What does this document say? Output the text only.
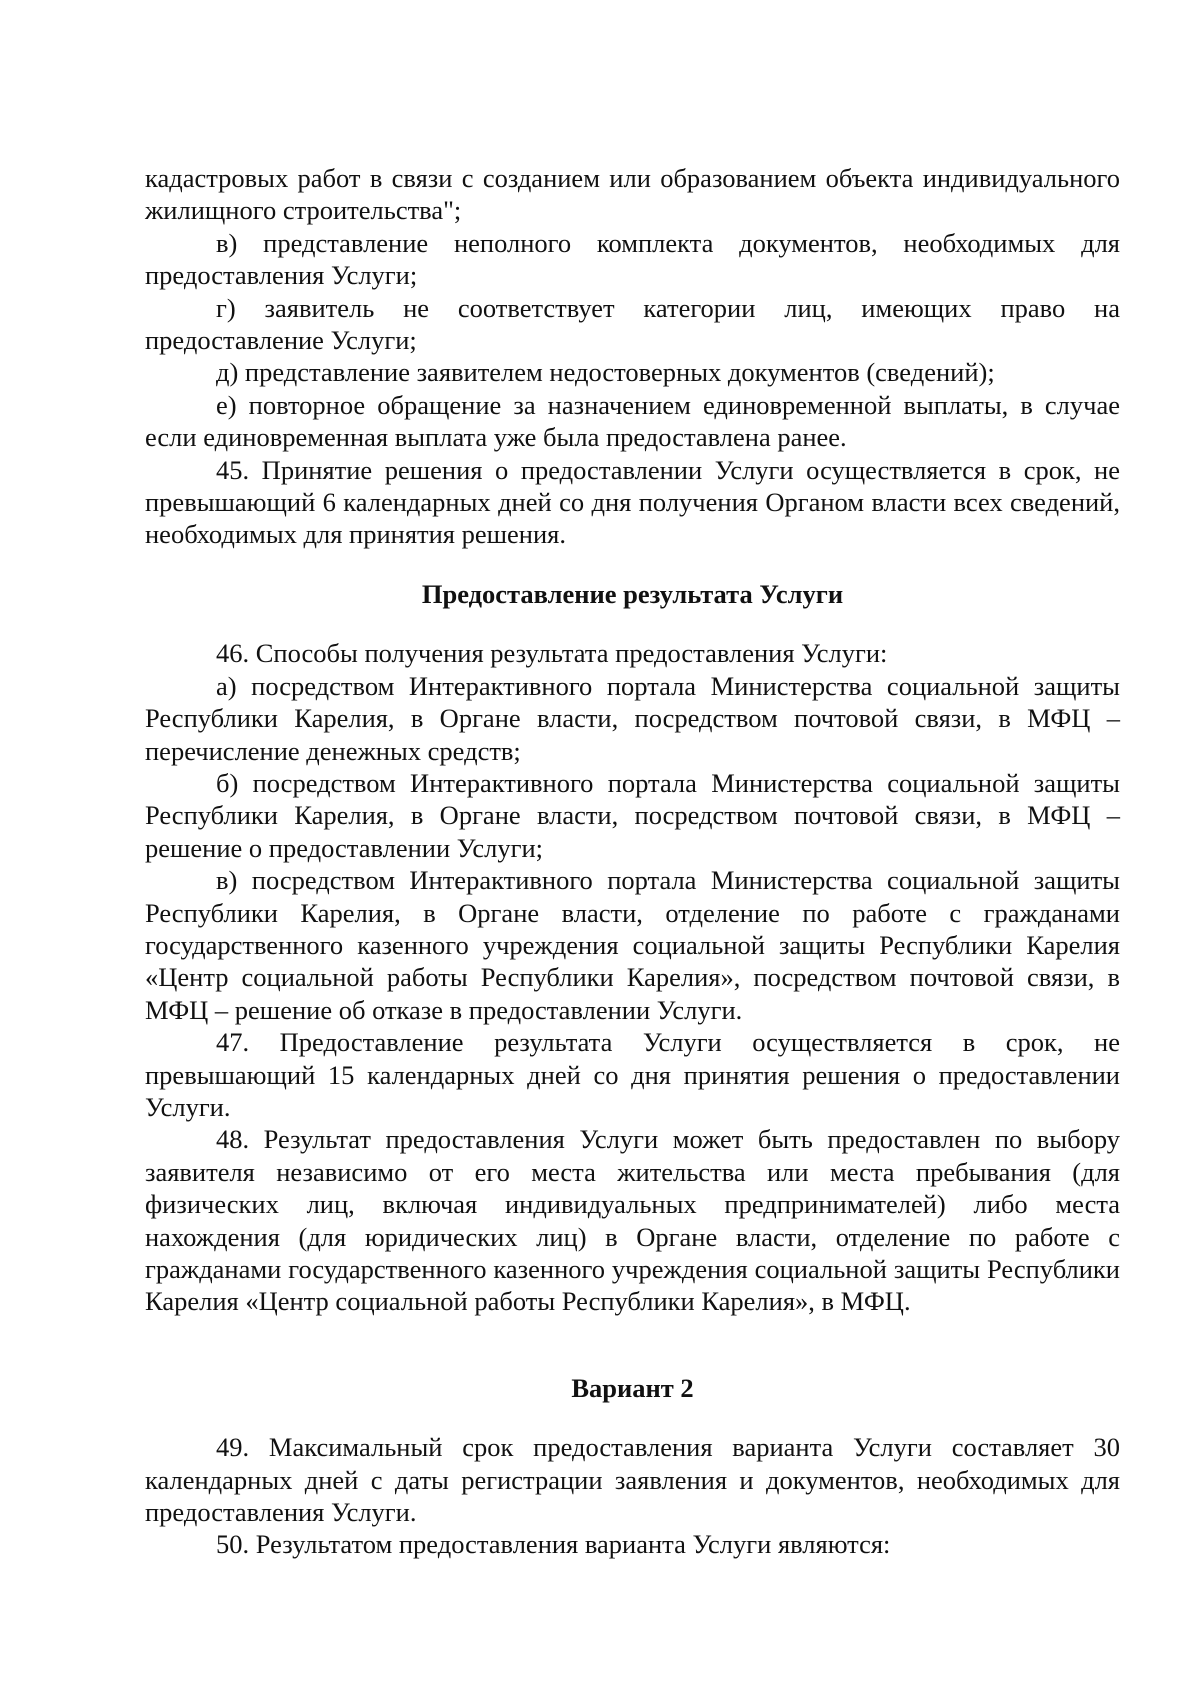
кадастровых работ в связи с созданием или образованием объекта индивидуального жилищного строительства";

в) представление неполного комплекта документов, необходимых для предоставления Услуги;

г) заявитель не соответствует категории лиц, имеющих право на предоставление Услуги;

д) представление заявителем недостоверных документов (сведений);

е) повторное обращение за назначением единовременной выплаты, в случае если единовременная выплата уже была предоставлена ранее.

45. Принятие решения о предоставлении Услуги осуществляется в срок, не превышающий 6 календарных дней со дня получения Органом власти всех сведений, необходимых для принятия решения.

Предоставление результата Услуги

46. Способы получения результата предоставления Услуги:

а) посредством Интерактивного портала Министерства социальной защиты Республики Карелия, в Органе власти, посредством почтовой связи, в МФЦ – перечисление денежных средств;

б) посредством Интерактивного портала Министерства социальной защиты Республики Карелия, в Органе власти, посредством почтовой связи, в МФЦ – решение о предоставлении Услуги;

в) посредством Интерактивного портала Министерства социальной защиты Республики Карелия, в Органе власти, отделение по работе с гражданами государственного казенного учреждения социальной защиты Республики Карелия «Центр социальной работы Республики Карелия», посредством почтовой связи, в МФЦ – решение об отказе в предоставлении Услуги.

47. Предоставление результата Услуги осуществляется в срок, не превышающий 15 календарных дней со дня принятия решения о предоставлении Услуги.

48. Результат предоставления Услуги может быть предоставлен по выбору заявителя независимо от его места жительства или места пребывания (для физических лиц, включая индивидуальных предпринимателей) либо места нахождения (для юридических лиц) в Органе власти, отделение по работе с гражданами государственного казенного учреждения социальной защиты Республики Карелия «Центр социальной работы Республики Карелия», в МФЦ.

Вариант 2

49. Максимальный срок предоставления варианта Услуги составляет 30 календарных дней с даты регистрации заявления и документов, необходимых для предоставления Услуги.

50. Результатом предоставления варианта Услуги являются:
